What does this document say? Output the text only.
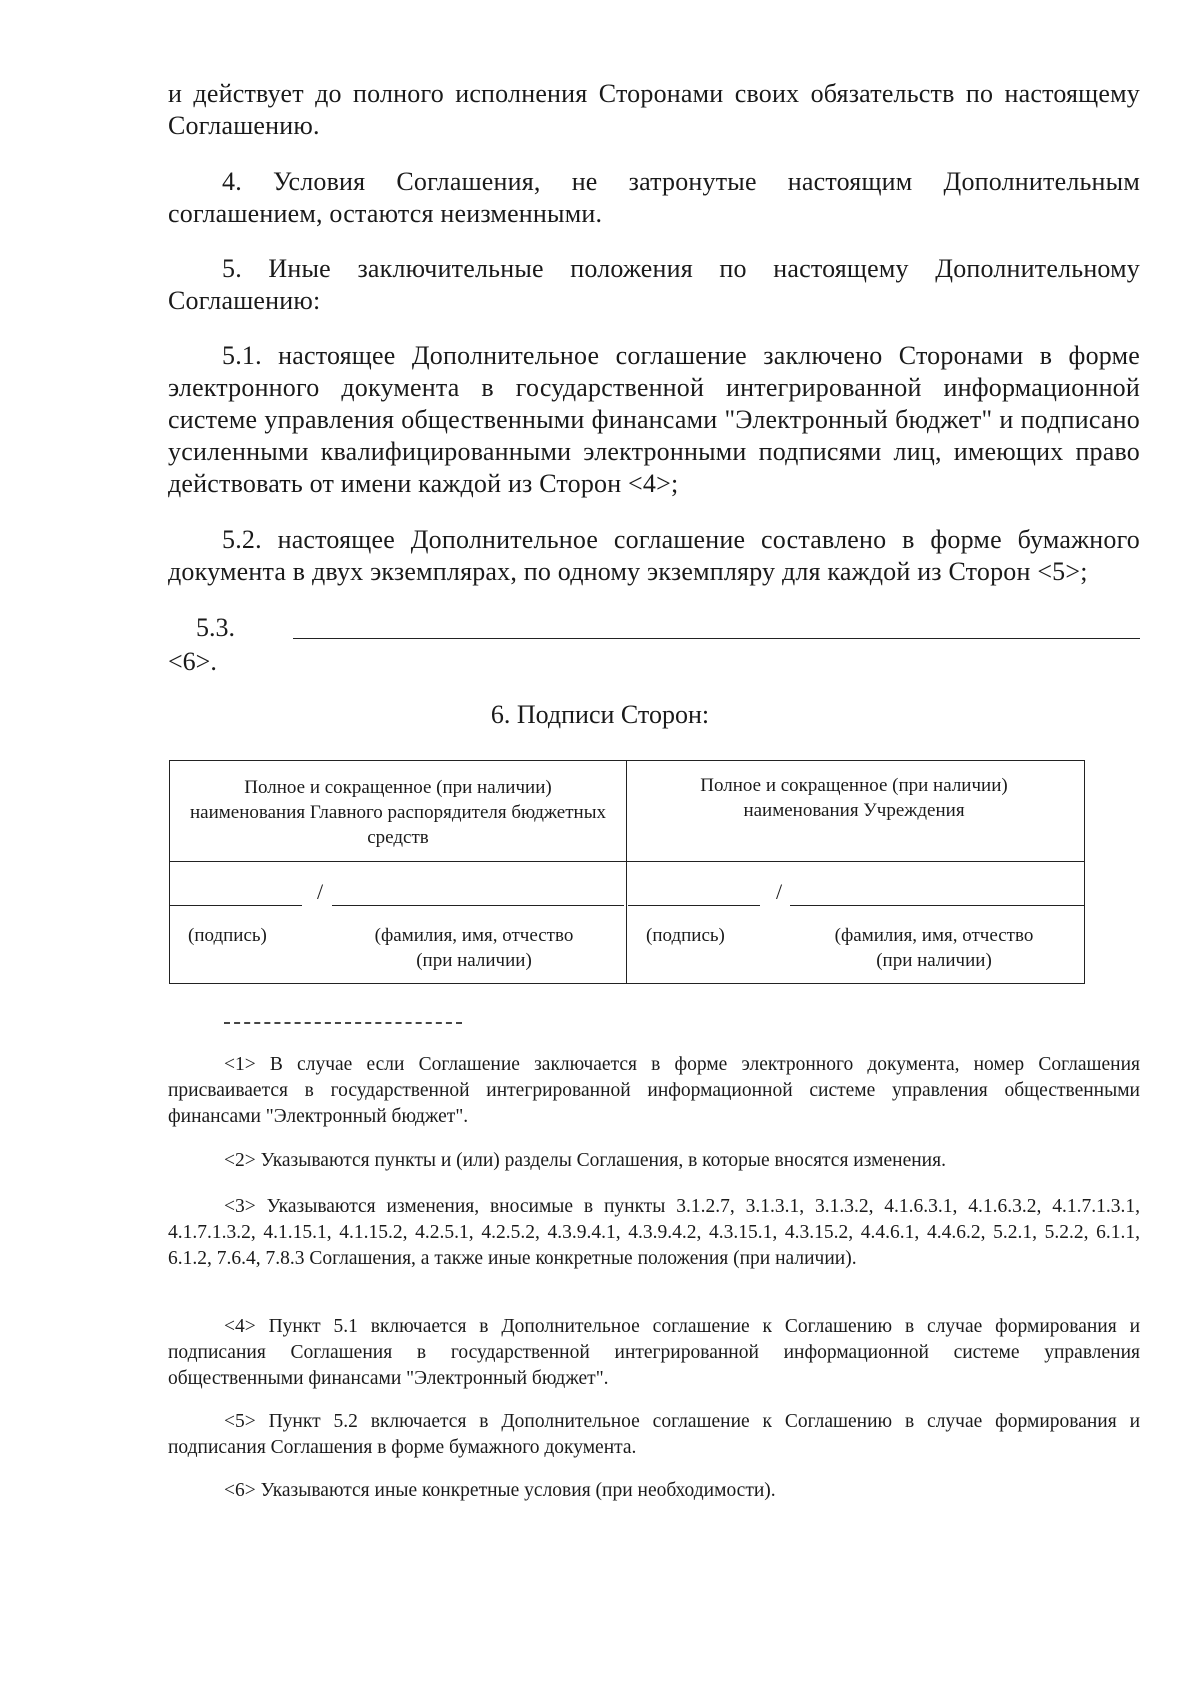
и действует до полного исполнения Сторонами своих обязательств по настоящему Соглашению.
4. Условия Соглашения, не затронутые настоящим Дополнительным соглашением, остаются неизменными.
5. Иные заключительные положения по настоящему Дополнительному Соглашению:
5.1. настоящее Дополнительное соглашение заключено Сторонами в форме электронного документа в государственной интегрированной информационной системе управления общественными финансами "Электронный бюджет" и подписано усиленными квалифицированными электронными подписями лиц, имеющих право действовать от имени каждой из Сторон <4>;
5.2. настоящее Дополнительное соглашение составлено в форме бумажного документа в двух экземплярах, по одному экземпляру для каждой из Сторон <5>;
5.3.
<6>.
6. Подписи Сторон:
Полное и сокращенное (при наличии) наименования Главного распорядителя бюджетных средств
Полное и сокращенное (при наличии) наименования Учреждения
/
(подпись)	(фамилия, имя, отчество (при наличии)
/
(подпись)	(фамилия, имя, отчество (при наличии)
<1> В случае если Соглашение заключается в форме электронного документа, номер Соглашения присваивается в государственной интегрированной информационной системе управления общественными финансами "Электронный бюджет".
<2> Указываются пункты и (или) разделы Соглашения, в которые вносятся изменения.
<3> Указываются изменения, вносимые в пункты 3.1.2.7, 3.1.3.1, 3.1.3.2, 4.1.6.3.1, 4.1.6.3.2, 4.1.7.1.3.1, 4.1.7.1.3.2, 4.1.15.1, 4.1.15.2, 4.2.5.1, 4.2.5.2, 4.3.9.4.1, 4.3.9.4.2, 4.3.15.1, 4.3.15.2, 4.4.6.1, 4.4.6.2, 5.2.1, 5.2.2, 6.1.1, 6.1.2, 7.6.4, 7.8.3 Соглашения, а также иные конкретные положения (при наличии).
<4> Пункт 5.1 включается в Дополнительное соглашение к Соглашению в случае формирования и подписания Соглашения в государственной интегрированной информационной системе управления общественными финансами "Электронный бюджет".
<5> Пункт 5.2 включается в Дополнительное соглашение к Соглашению в случае формирования и подписания Соглашения в форме бумажного документа.
<6> Указываются иные конкретные условия (при необходимости).
